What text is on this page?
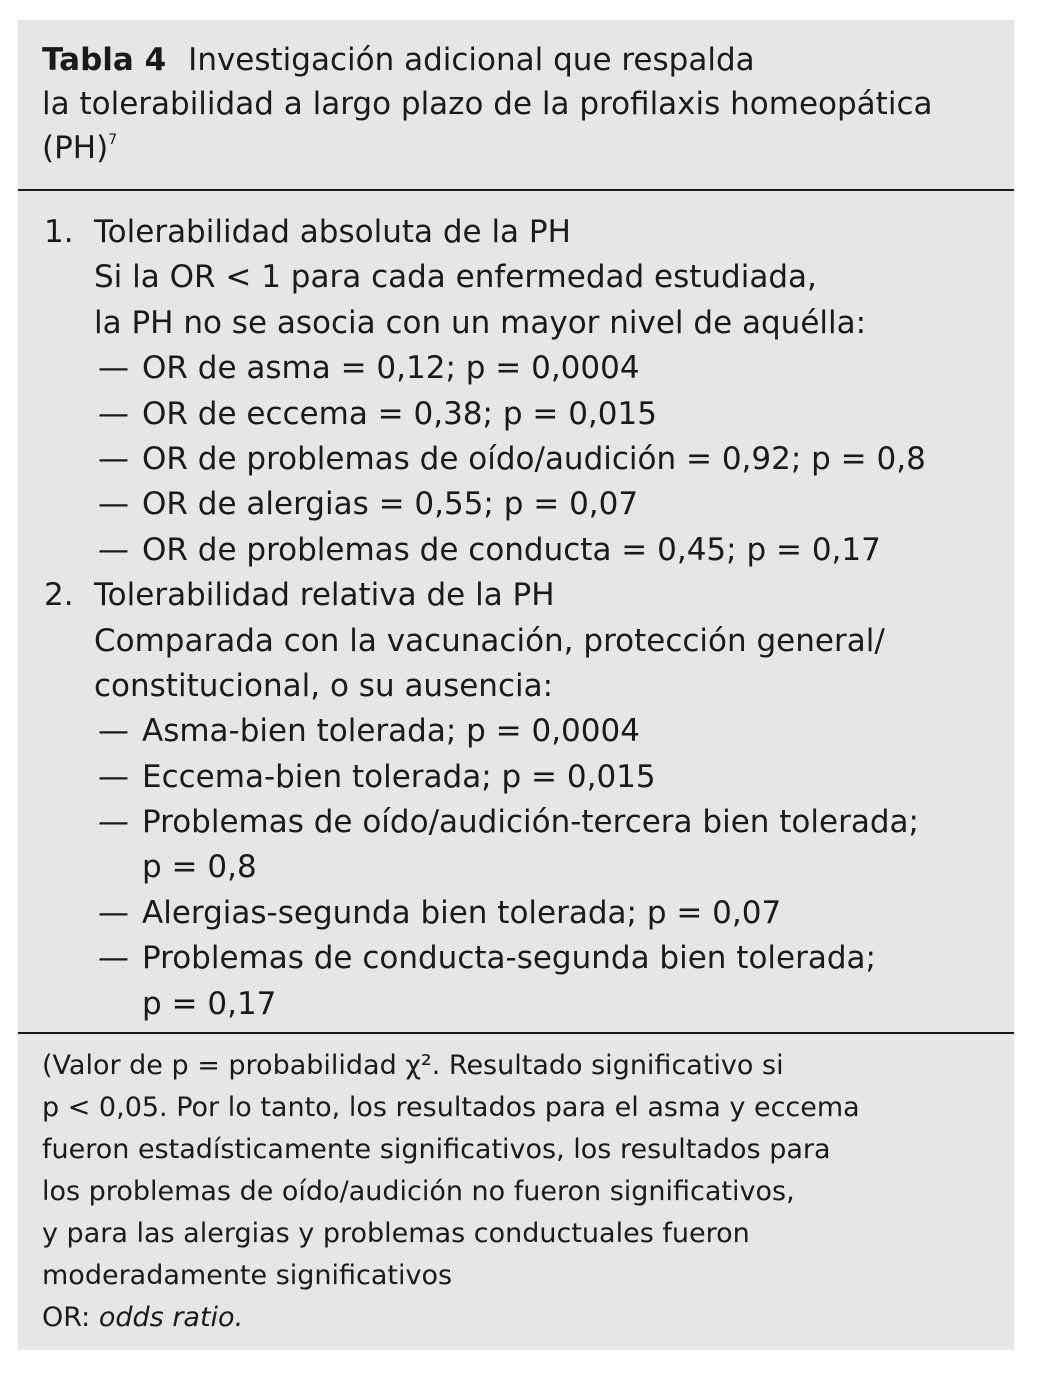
Tabla 4 Investigación adicional que respalda
la tolerabilidad a largo plazo de la profilaxis homeopática
(PH)$^7$
1. Tolerabilidad absoluta de la PH
Si la OR < 1 para cada enfermedad estudiada,
la PH no se asocia con un mayor nivel de aquélla:
— OR de asma = 0,12; p = 0,0004
— OR de eccema = 0,38; p = 0,015
— OR de problemas de oído/audición = 0,92; p = 0,8
— OR de alergias = 0,55; p = 0,07
— OR de problemas de conducta = 0,45; p = 0,17
2. Tolerabilidad relativa de la PH
Comparada con la vacunación, protección general/
constitucional, o su ausencia:
— Asma-bien tolerada; p = 0,0004
— Eccema-bien tolerada; p = 0,015
— Problemas de oído/audición-tercera bien tolerada;
p = 0,8
— Alergias-segunda bien tolerada; p = 0,07
— Problemas de conducta-segunda bien tolerada;
p = 0,17

(Valor de p = probabilidad χ². Resultado significativo si

p < 0,05. Por lo tanto, los resultados para el asma y eccema

fueron estadísticamente significativos, los resultados para

los problemas de oído/audición no fueron significativos,

y para las alergias y problemas conductuales fueron

moderadamente significativos

OR: odds ratio.
